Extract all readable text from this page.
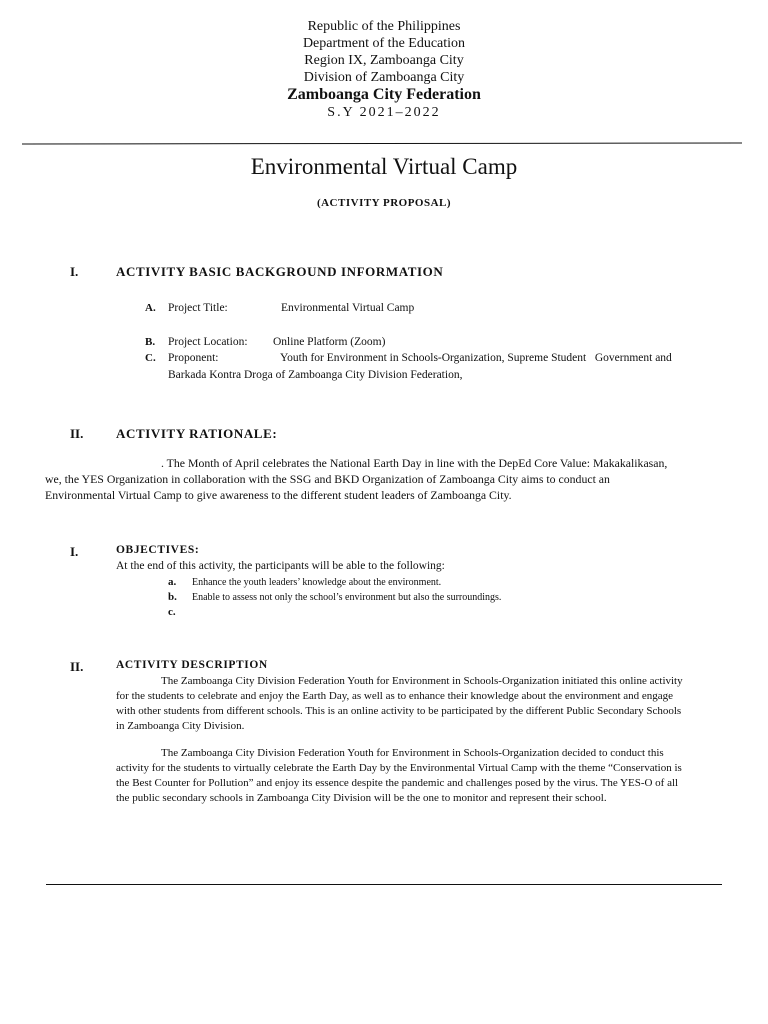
Republic of the Philippines
Department of the Education
Region IX, Zamboanga City
Division of Zamboanga City
Zamboanga City Federation
S.Y 2021–2022
Environmental Virtual Camp
(ACTIVITY PROPOSAL)
I.	ACTIVITY BASIC BACKGROUND INFORMATION
A. Project Title:	Environmental Virtual Camp
B. Project Location: Online Platform (Zoom)
C. Proponent:	Youth for Environment in Schools-Organization, Supreme Student   Government and
Barkada Kontra Droga of Zamboanga City Division Federation,
II.	ACTIVITY RATIONALE:
. The Month of April celebrates the National Earth Day in line with the DepEd Core Value: Makakalikasan,
we, the YES Organization in collaboration with the SSG and BKD Organization of Zamboanga City aims to conduct an
Environmental Virtual Camp to give awareness to the different student leaders of Zamboanga City.
I.	OBJECTIVES:
At the end of this activity, the participants will be able to the following:
a. Enhance the youth leaders’ knowledge about the environment.
b. Enable to assess not only the school’s environment but also the surroundings.
c.
II.	ACTIVITY DESCRIPTION
The Zamboanga City Division Federation Youth for Environment in Schools-Organization initiated this online activity
for the students to celebrate and enjoy the Earth Day, as well as to enhance their knowledge about the environment and engage
with other students from different schools. This is an online activity to be participated by the different Public Secondary Schools
in Zamboanga City Division.
The Zamboanga City Division Federation Youth for Environment in Schools-Organization decided to conduct this
activity for the students to virtually celebrate the Earth Day by the Environmental Virtual Camp with the theme “Conservation is
the Best Counter for Pollution” and enjoy its essence despite the pandemic and challenges posed by the virus. The YES-O of all
the public secondary schools in Zamboanga City Division will be the one to monitor and represent their school.
